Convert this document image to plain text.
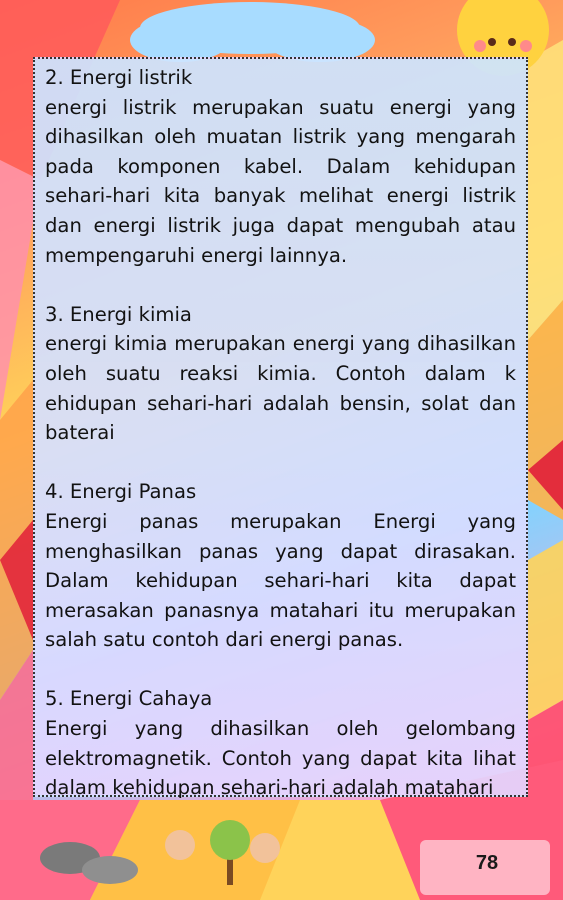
2. Energi listrik

energi listrik merupakan suatu energi yang dihasilkan oleh muatan listrik yang mengarah pada komponen kabel. Dalam kehidupan sehari-hari kita banyak melihat energi listrik dan energi listrik juga dapat mengubah atau mempengaruhi energi lainnya.

3. Energi kimia

energi kimia merupakan energi yang dihasilkan oleh suatu reaksi kimia. Contoh dalam k ehidupan sehari-hari adalah bensin, solat dan baterai

4. Energi Panas

Energi panas merupakan Energi yang menghasilkan panas yang dapat dirasakan. Dalam kehidupan sehari-hari kita dapat merasakan panasnya matahari itu merupakan salah satu contoh dari energi panas.

5. Energi Cahaya

Energi yang dihasilkan oleh gelombang elektromagnetik. Contoh yang dapat kita lihat dalam kehidupan sehari-hari adalah matahari

78
